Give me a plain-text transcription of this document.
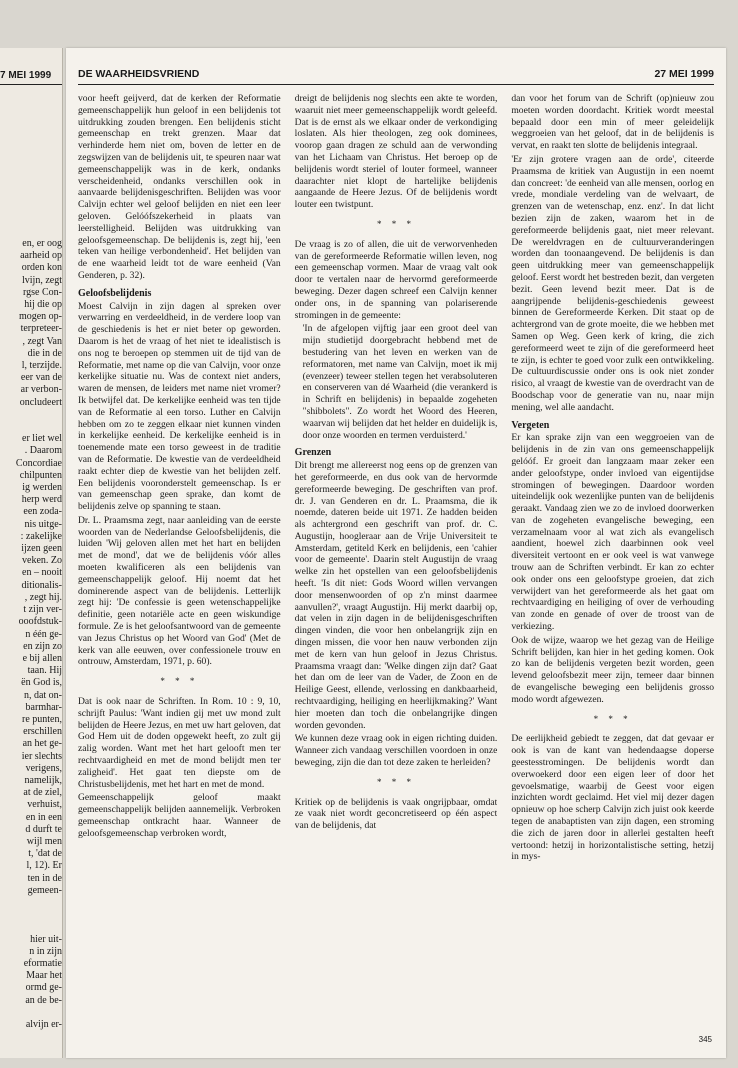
7 MEI 1999
en, er oog
aarheid op
orden kon
lvijn, zegt
rgse Con-
hij die op
mogen op-
terpreteer-
, zegt Van
die in de
l, terzijde.
eer van de
ar verbon-
oncludeert

er liet wel
. Daarom
Concordiae
chilpunten
ig werden
herp werd
een zoda-
nis uitge-
: zakelijke
ijzen geen
veken. Zo
en – nooit
ditionalis-
, zegt hij.
t zijn ver-
ooofdstuk-
n één ge-
en zijn zo
e bij allen
taan. Hij
ën God is,
n, dat on-
barmhar-
re punten,
erschillen
an het ge-
ier slechts
verigens,
namelijk,
at de ziel,
verhuist,
en in een
d durft te
wijl men
t, 'dat de
l, 12). Er
ten in de
gemeen-

hier uit-
n in zijn
eformatie
Maar het
ormd ge-
an de be-

alvijn er-
DE WAARHEIDSVRIEND	27 MEI 1999

voor heeft geijverd, dat de kerken der Reformatie gemeenschappelijk hun geloof in een belijdenis tot uitdrukking zouden brengen. Een belijdenis sticht gemeenschap en trekt grenzen. Maar dat verhinderde hem niet om, boven de letter en de zegswijzen van de belijdenis uit, te speuren naar wat gemeenschappelijk was in de kerk, ondanks verscheidenheid, ondanks verschillen ook in aanvaarde belijdenisgeschriften. Belijden was voor Calvijn echter wel geloof belijden en niet een leer geloven. Gelóófszekerheid in plaats van leerstelligheid. Belijden was uitdrukking van geloofsgemeenschap. De belijdenis is, zegt hij, 'een teken van heilige verbondenheid'. Het belijden van de ene waarheid leidt tot de ware eenheid (Van Genderen, p. 32).

Geloofsbelijdenis

Moest Calvijn in zijn dagen al spreken over verwarring en verdeeldheid, in de verdere loop van de geschiedenis is het er niet beter op geworden. Daarom is het de vraag of het niet te idealistisch is ons nog te beroepen op stemmen uit de tijd van de Reformatie, met name op die van Calvijn, voor onze kerkelijke situatie nu. Was de context niet anders, waren de mensen, de leiders met name niet vromer? Ik betwijfel dat. De kerkelijke eenheid was ten tijde van de Reformatie al een torso. Luther en Calvijn hebben om zo te zeggen elkaar niet kunnen vinden in kerkelijke eenheid. De kerkelijke eenheid is in toenemende mate een torso geweest in de traditie van de Reformatie. De kwestie van de verdeeldheid raakt echter diep de kwestie van het belijden zelf. Een belijdenis vooronderstelt gemeenschap. Is er van gemeenschap geen sprake, dan komt de belijdenis zelve op spanning te staan.

Dr. L. Praamsma zegt, naar aanleiding van de eerste woorden van de Nederlandse Geloofsbelijdenis, die luiden 'Wij geloven allen met het hart en belijden met de mond', dat we de belijdenis vóór alles moeten kwalificeren als een belijdenis van gemeenschappelijk geloof. Hij noemt dat het dominerende aspect van de belijdenis. Letterlijk zegt hij: 'De confessie is geen wetenschappelijke definitie, geen notariële acte en geen wiskundige formule. Ze is het geloofsantwoord van de gemeente van Jezus Christus op het Woord van God' (Met de kerk van alle eeuwen, over confessionele trouw en ontrouw, Amsterdam, 1971, p. 60).

* * *

Dat is ook naar de Schriften. In Rom. 10 : 9, 10, schrijft Paulus: 'Want indien gij met uw mond zult belijden de Heere Jezus, en met uw hart geloven, dat God Hem uit de doden opgewekt heeft, zo zult gij zalig worden. Want met het hart gelooft men ter rechtvaardigheid en met de mond belijdt men ter zaligheid'. Het gaat ten diepste om de Christusbelijdenis, met het hart en met de mond.

Gemeenschappelijk geloof maakt gemeenschappelijk belijden aannemelijk. Verbroken gemeenschap ontkracht haar. Wanneer de geloofsgemeenschap verbroken wordt,

dreigt de belijdenis nog slechts een akte te worden, waaruit niet meer gemeenschappelijk wordt geleefd. Dat is de ernst als we elkaar onder de verkondiging loslaten. Als hier theologen, zeg ook dominees, voorop gaan dragen ze schuld aan de verwonding van het Lichaam van Christus. Het beroep op de belijdenis wordt steriel of louter formeel, wanneer daarachter niet klopt de hartelijke belijdenis aangaande de Heere Jezus. Of de belijdenis wordt louter een twistpunt.

* * *

De vraag is zo of allen, die uit de verworvenheden van de gereformeerde Reformatie willen leven, nog een gemeenschap vormen. Maar de vraag valt ook door te vertalen naar de hervormd gereformeerde beweging. Dezer dagen schreef een Calvijn kenner onder ons, in de spanning van polariserende stromingen in de gemeente:

'In de afgelopen vijftig jaar een groot deel van mijn studietijd doorgebracht hebbend met de bestudering van het leven en werken van de reformatoren, met name van Calvijn, moet ik mij (evenzeer) teweer stellen tegen het verabsoluteren en conserveren van dé Waarheid (die verankerd is in Schrift en belijdenis) in bepaalde zogeheten "shibbolets". Zo wordt het Woord des Heeren, waarvan wij belijden dat het helder en duidelijk is, door onze woorden en termen verduisterd.'

Grenzen

Dit brengt me allereerst nog eens op de grenzen van het gereformeerde, en dus ook van de hervormde gereformeerde beweging. De geschriften van prof. dr. J. van Genderen en dr. L. Praamsma, die ik noemde, dateren beide uit 1971. Ze hadden beiden als achtergrond een geschrift van prof. dr. C. Augustijn, hoogleraar aan de Vrije Universiteit te Amsterdam, getiteld Kerk en belijdenis, een 'cahier voor de gemeente'. Daarin stelt Augustijn de vraag welke zin het opstellen van een geloofsbelijdenis heeft. 'Is dit niet: Gods Woord willen vervangen door mensenwoorden of op z'n minst daarmee aanvullen?', vraagt Augustijn. Hij merkt daarbij op, dat velen in zijn dagen in de belijdenisgeschriften dingen vinden, die voor hen onbelangrijk zijn en dingen missen, die voor hen nauw verbonden zijn met de kern van hun geloof in Jezus Christus. Praamsma vraagt dan: 'Welke dingen zijn dat? Gaat het dan om de leer van de Vader, de Zoon en de Heilige Geest, ellende, verlossing en dankbaarheid, rechtvaardiging, heiliging en heerlijkmaking?' Want hier moeten dan toch die onbelangrijke dingen worden gevonden.

We kunnen deze vraag ook in eigen richting duiden. Wanneer zich vandaag verschillen voordoen in onze beweging, zijn die dan tot deze zaken te herleiden?

* * *

Kritiek op de belijdenis is vaak ongrijpbaar, omdat ze vaak niet wordt geconcretiseerd op één aspect van de belijdenis, dat

dan voor het forum van de Schrift (op)nieuw zou moeten worden doordacht. Kritiek wordt meestal bepaald door een min of meer geleidelijk weggroeien van het geloof, dat in de belijdenis is vervat, en raakt ten slotte de belijdenis integraal.

'Er zijn grotere vragen aan de orde', citeerde Praamsma de kritiek van Augustijn in een noemt dan concreet: 'de eenheid van alle mensen, oorlog en vrede, mondiale verdeling van de welvaart, de grenzen van de wetenschap, enz. enz'. In dat licht bezien zijn de zaken, waarom het in de gereformeerde belijdenis gaat, niet meer relevant. De wereldvragen en de cultuurveranderingen worden dan toonaangevend. De belijdenis is dan geen uitdrukking meer van gemeenschappelijk geloof. Eerst wordt het bestreden bezit, dan vergeten bezit. Geen levend bezit meer. Dat is de aangrijpende belijdenis-geschiedenis geweest binnen de Gereformeerde Kerken. Dit staat op de achtergrond van de grote moeite, die we hebben met Samen op Weg. Geen kerk of kring, die zich gereformeerd weet te zijn of die gereformeerd heet te zijn, is echter te goed voor zulk een ontwikkeling. De cultuurdiscussie onder ons is ook niet zonder risico, al vraagt de kwestie van de overdracht van de Boodschap voor de generatie van nu, naar mijn mening, wel alle aandacht.

Vergeten

Er kan sprake zijn van een weggroeien van de belijdenis in de zin van ons gemeenschappelijk gelóóf. Er groeit dan langzaam maar zeker een ander geloofstype, onder invloed van eigentijdse stromingen of bewegingen. Daardoor worden uiteindelijk ook wezenlijke punten van de belijdenis geraakt. Vandaag zien we zo de invloed doorwerken van de zogeheten evangelische beweging, een verzamelnaam voor al wat zich als evangelisch aandient, hoewel zich daarbinnen ook veel diversiteit vertoont en er ook veel is wat vanwege trouw aan de Schriften verbindt. Er kan zo echter ook onder ons een geloofstype groeien, dat zich verwijdert van het gereformeerde als het gaat om rechtvaardiging en heiliging of over de verhouding van zonde en genade of over de troost van de verkiezing.

Ook de wijze, waarop we het gezag van de Heilige Schrift belijden, kan hier in het geding komen. Ook zo kan de belijdenis vergeten bezit worden, geen levend geloofsbezit meer zijn, temeer daar binnen de evangelische beweging een belijdenis grosso modo wordt afgewezen.

* * *

De eerlijkheid gebiedt te zeggen, dat dat gevaar er ook is van de kant van hedendaagse doperse geestesstromingen. De belijdenis wordt dan overwoekerd door een eigen leer of door het gevoelsmatige, waarbij de Geest voor eigen inzichten wordt geclaimd. Het viel mij dezer dagen opnieuw op hoe scherp Calvijn zich juist ook keerde tegen de anabaptisten van zijn dagen, een stroming die zich de jaren door in allerlei gestalten heeft vertoond: hetzij in horizontalistische setting, hetzij in mys-

345
